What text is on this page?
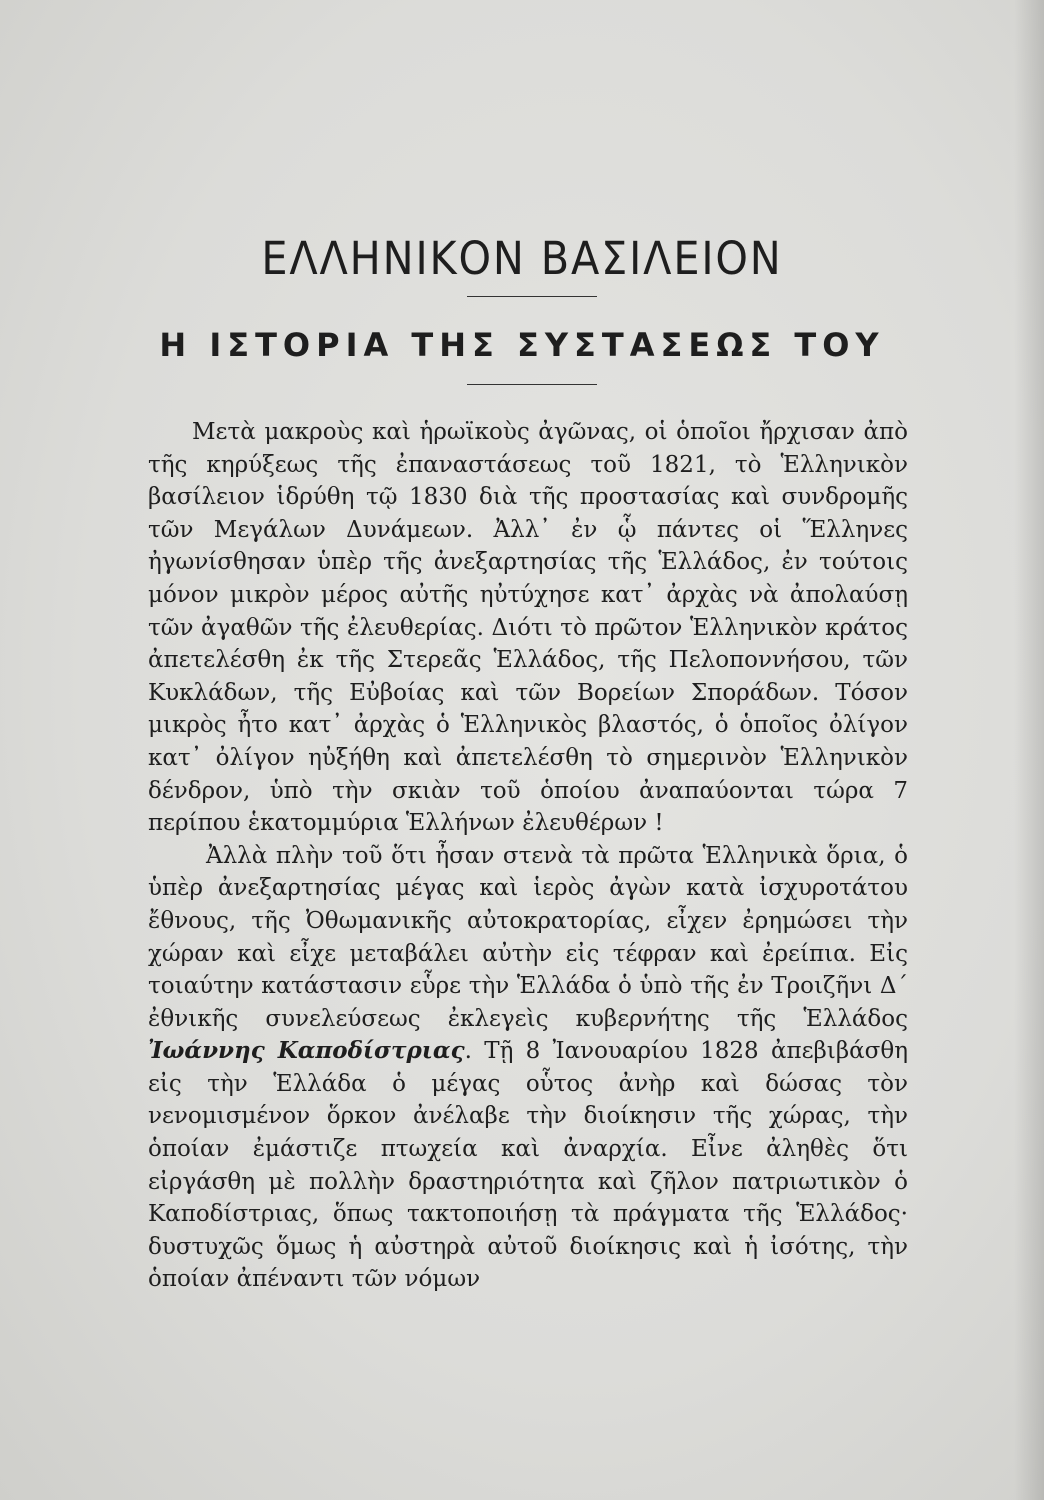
ΕΛΛΗΝΙΚΟΝ ΒΑΣΙΛΕΙΟΝ
Η ΙΣΤΟΡΙΑ ΤΗΣ ΣΥΣΤΑΣΕΩΣ ΤΟΥ

Μετὰ μακροὺς καὶ ἡρωϊκοὺς ἀγῶνας, οἱ ὁποῖοι ἤρχισαν ἀπὸ τῆς κηρύξεως τῆς ἐπαναστάσεως τοῦ 1821, τὸ Ἑλληνικὸν βασίλειον ἱδρύθη τῷ 1830 διὰ τῆς προστασίας καὶ συνδρομῆς τῶν Μεγάλων Δυνάμεων. Ἀλλ᾽ ἐν ᾧ πάντες οἱ Ἕλληνες ἠγωνίσθησαν ὑπὲρ τῆς ἀνεξαρτησίας τῆς Ἑλλάδος, ἐν τούτοις μόνον μικρὸν μέρος αὐτῆς ηὐτύχησε κατ᾽ ἀρχὰς νὰ ἀπολαύσῃ τῶν ἀγαθῶν τῆς ἐλευθερίας. Διότι τὸ πρῶτον Ἑλληνικὸν κράτος ἀπετελέσθη ἐκ τῆς Στερεᾶς Ἑλλάδος, τῆς Πελοποννήσου, τῶν Κυκλάδων, τῆς Εὐβοίας καὶ τῶν Βορείων Σποράδων. Τόσον μικρὸς ἦτο κατ᾽ ἀρχὰς ὁ Ἑλληνικὸς βλαστός, ὁ ὁποῖος ὀλίγον κατ᾽ ὀλίγον ηὐξήθη καὶ ἀπετελέσθη τὸ σημερινὸν Ἑλληνικὸν δένδρον, ὑπὸ τὴν σκιὰν τοῦ ὁποίου ἀναπαύονται τώρα 7 περίπου ἑκατομμύρια Ἑλλήνων ἐλευθέρων !

Ἀλλὰ πλὴν τοῦ ὅτι ἦσαν στενὰ τὰ πρῶτα Ἑλληνικὰ ὅρια, ὁ ὑπὲρ ἀνεξαρτησίας μέγας καὶ ἱερὸς ἀγὼν κατὰ ἰσχυροτάτου ἔθνους, τῆς Ὀθωμανικῆς αὐτοκρατορίας, εἶχεν ἐρημώσει τὴν χώραν καὶ εἶχε μεταβάλει αὐτὴν εἰς τέφραν καὶ ἐρείπια. Εἰς τοιαύτην κατάστασιν εὗρε τὴν Ἑλλάδα ὁ ὑπὸ τῆς ἐν Τροιζῆνι Δ´ ἐθνικῆς συνελεύσεως ἐκλεγεὶς κυβερνήτης τῆς Ἑλλάδος Ἰωάννης Καποδίστριας. Τῇ 8 Ἰανουαρίου 1828 ἀπεβιβάσθη εἰς τὴν Ἑλλάδα ὁ μέγας οὗτος ἀνὴρ καὶ δώσας τὸν νενομισμένον ὅρκον ἀνέλαβε τὴν διοίκησιν τῆς χώρας, τὴν ὁποίαν ἐμάστιζε πτωχεία καὶ ἀναρχία. Εἶνε ἀληθὲς ὅτι εἰργάσθη μὲ πολλὴν δραστηριότητα καὶ ζῆλον πατριωτικὸν ὁ Καποδίστριας, ὅπως τακτοποιήσῃ τὰ πράγματα τῆς Ἑλλάδος· δυστυχῶς ὅμως ἡ αὐστηρὰ αὐτοῦ διοίκησις καὶ ἡ ἰσότης, τὴν ὁποίαν ἀπέναντι τῶν νόμων
